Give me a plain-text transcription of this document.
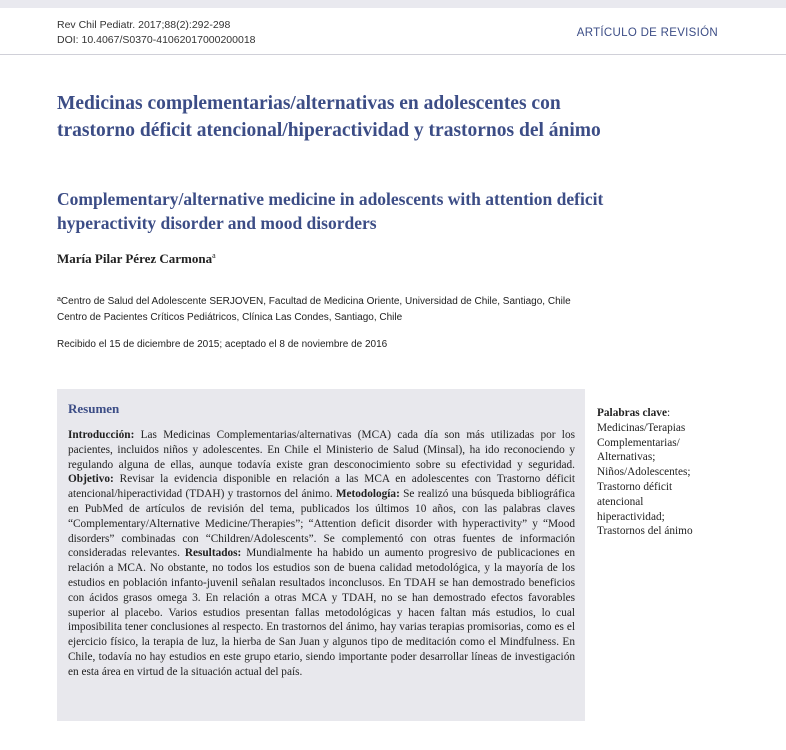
Rev Chil Pediatr. 2017;88(2):292-298
DOI: 10.4067/S0370-41062017000200018
ARTÍCULO DE REVISIÓN
Medicinas complementarias/alternativas en adolescentes con trastorno déficit atencional/hiperactividad y trastornos del ánimo
Complementary/alternative medicine in adolescents with attention deficit hyperactivity disorder and mood disorders
María Pilar Pérez Carmona$^a$
$^a$Centro de Salud del Adolescente SERJOVEN, Facultad de Medicina Oriente, Universidad de Chile, Santiago, Chile
Centro de Pacientes Críticos Pediátricos, Clínica Las Condes, Santiago, Chile
Recibido el 15 de diciembre de 2015; aceptado el 8 de noviembre de 2016
Resumen

Introducción: Las Medicinas Complementarias/alternativas (MCA) cada día son más utilizadas por los pacientes, incluidos niños y adolescentes. En Chile el Ministerio de Salud (Minsal), ha ido reconociendo y regulando alguna de ellas, aunque todavía existe gran desconocimiento sobre su efectividad y seguridad. Objetivo: Revisar la evidencia disponible en relación a las MCA en adolescentes con Trastorno déficit atencional/hiperactividad (TDAH) y trastornos del ánimo. Metodología: Se realizó una búsqueda bibliográfica en PubMed de artículos de revisión del tema, publicados los últimos 10 años, con las palabras claves “Complementary/Alternative Medicine/Therapies”; “Attention deficit disorder with hyperactivity” y “Mood disorders” combinadas con “Children/Adolescents”. Se complementó con otras fuentes de información consideradas relevantes. Resultados: Mundialmente ha habido un aumento progresivo de publicaciones en relación a MCA. No obstante, no todos los estudios son de buena calidad metodológica, y la mayoría de los estudios en población infanto-juvenil señalan resultados inconclusos. En TDAH se han demostrado beneficios con ácidos grasos omega 3. En relación a otras MCA y TDAH, no se han demostrado efectos favorables superior al placebo. Varios estudios presentan fallas metodológicas y hacen faltan más estudios, lo cual imposibilita tener conclusiones al respecto. En trastornos del ánimo, hay varias terapias promisorias, como es el ejercicio físico, la terapia de luz, la hierba de San Juan y algunos tipo de meditación como el Mindfulness. En Chile, todavía no hay estudios en este grupo etario, siendo importante poder desarrollar líneas de investigación en esta área en virtud de la situación actual del país.

Palabras clave:
Medicinas/Terapias
Complementarias/
Alternativas;
Niños/Adolescentes;
Trastorno déficit
atencional
hiperactividad;
Trastornos del ánimo
